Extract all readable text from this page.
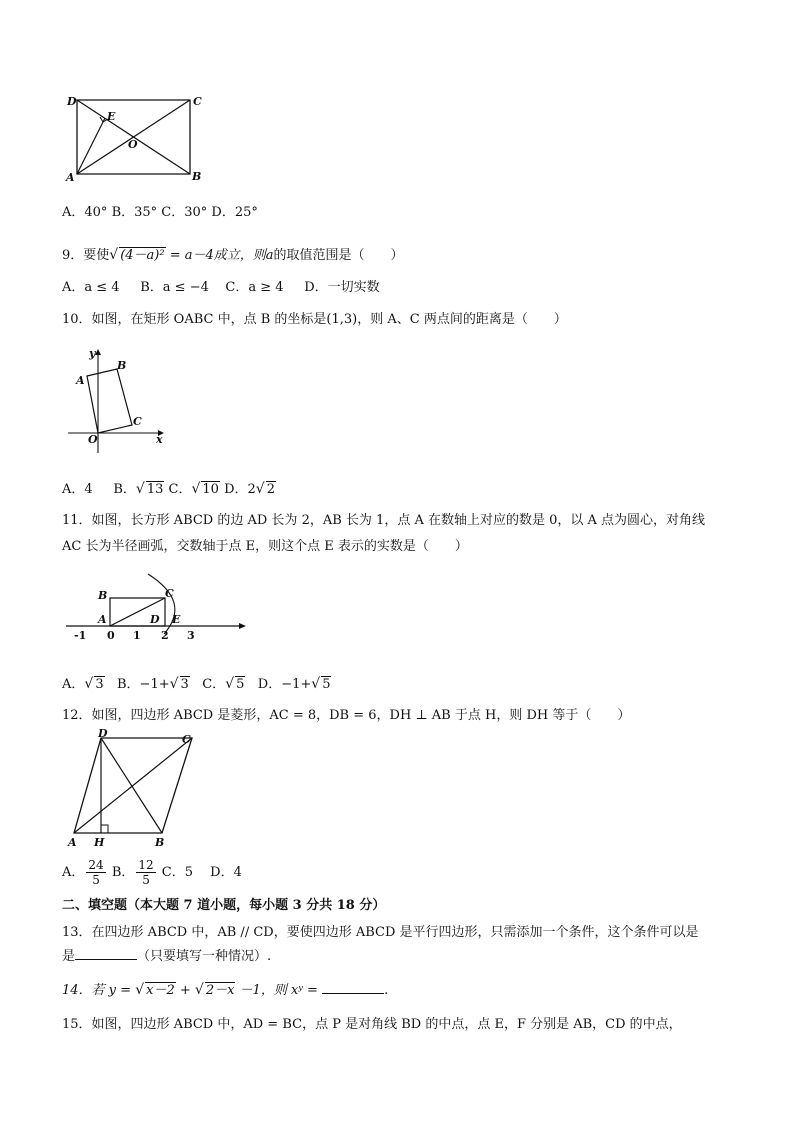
D	C
E
O
A	B
A．40° B．35° C．30° D．25°
9．要使√ (4－a)² = a－4成立，则a的取值范围是（　　）
A．a ≤ 4 B．a ≤ −4 C．a ≥ 4 D．一切实数
10．如图，在矩形 OABC 中，点 B 的坐标是(1,3)，则 A、C 两点间的距离是（　　）
y
x
A
B
C
O
A．4 B．√ 13 C．√ 10 D．2√ 2
11．如图，长方形 ABCD 的边 AD 长为 2，AB 长为 1，点 A 在数轴上对应的数是 0，以 A 点为圆心，对角线
AC 长为半径画弧，交数轴于点 E，则这个点 E 表示的实数是（　　）
B	C
A	D E
-1 0 1 2 3
A．√ 3 B．−1+√ 3 C．√ 5 D．−1+√ 5
12．如图，四边形 ABCD 是菱形，AC = 8，DB = 6，DH ⊥ AB 于点 H，则 DH 等于（　　）
D	C
A H	B
A． $\frac{24}{5}$ B． $\frac{12}{5}$ C．5　 D．4
二、填空题（本大题 7 道小题，每小题 3 分共 18 分）
13．在四边形 ABCD 中，AB // CD，要使四边形 ABCD 是平行四边形，只需添加一个条件，这个条件可以是
是	（只要填写一种情况）.
14．若 y = √ x－2 + √ 2－x －1，则 xʸ =	.
15．如图，四边形 ABCD 中，AD = BC，点 P 是对角线 BD 的中点，点 E，F 分别是 AB，CD 的中点，
